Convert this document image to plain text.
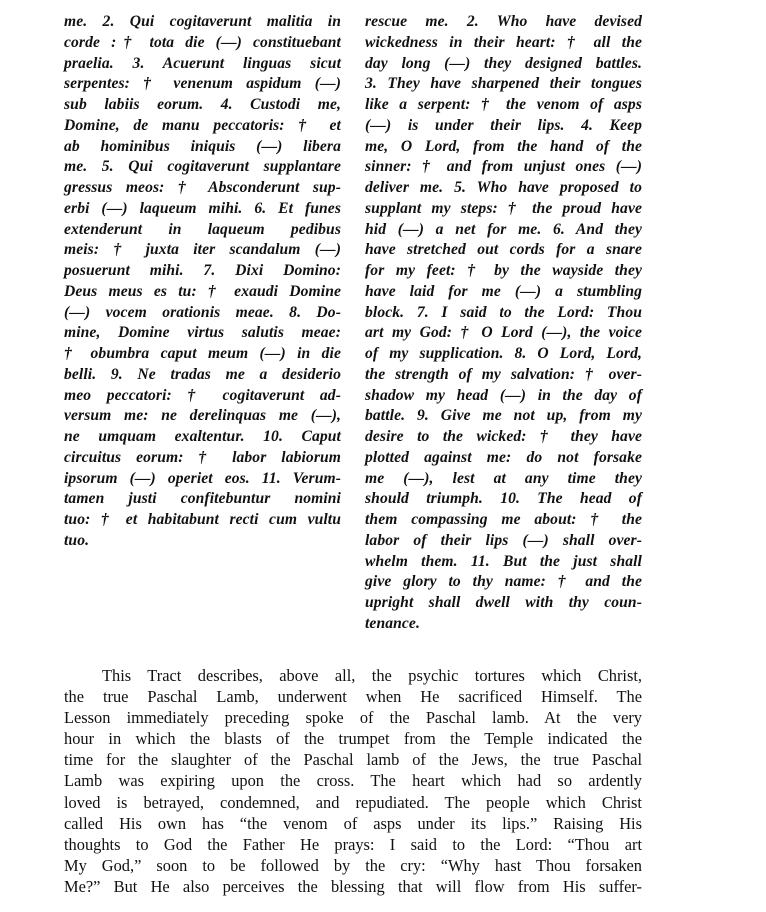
me. 2. Qui cogitaverunt malitia in
corde :† tota die (—) constituebant
praelia. 3. Acuerunt linguas sicut
serpentes: † venenum aspidum (—)
sub labiis eorum. 4. Custodi me,
Domine, de manu peccatoris: † et
ab hominibus iniquis (—) libera
me. 5. Qui cogitaverunt supplantare
gressus meos: † Absconderunt sup-
erbi (—) laqueum mihi. 6. Et funes
extenderunt in laqueum pedibus
meis: † juxta iter scandalum (—)
posuerunt mihi. 7. Dixi Domino:
Deus meus es tu: † exaudi Domine
(—) vocem orationis meae. 8. Do-
mine, Domine virtus salutis meae:
† obumbra caput meum (—) in die
belli. 9. Ne tradas me a desiderio
meo peccatori: † cogitaverunt ad-
versum me: ne derelinquas me (—),
ne umquam exaltentur. 10. Caput
circuitus eorum: † labor labiorum
ipsorum (—) operiet eos. 11. Verum-
tamen justi confitebuntur nomini
tuo: † et habitabunt recti cum vultu
tuo.
rescue me. 2. Who have devised
wickedness in their heart: † all the
day long (—) they designed battles.
3. They have sharpened their tongues
like a serpent: † the venom of asps
(—) is under their lips. 4. Keep
me, O Lord, from the hand of the
sinner: † and from unjust ones (—)
deliver me. 5. Who have proposed to
supplant my steps: † the proud have
hid (—) a net for me. 6. And they
have stretched out cords for a snare
for my feet: † by the wayside they
have laid for me (—) a stumbling
block. 7. I said to the Lord: Thou
art my God: † O Lord (—), the voice
of my supplication. 8. O Lord, Lord,
the strength of my salvation: † over-
shadow my head (—) in the day of
battle. 9. Give me not up, from my
desire to the wicked: † they have
plotted against me: do not forsake
me (—), lest at any time they
should triumph. 10. The head of
them compassing me about: † the
labor of their lips (—) shall over-
whelm them. 11. But the just shall
give glory to thy name: † and the
upright shall dwell with thy coun-
tenance.
This Tract describes, above all, the psychic tortures which Christ,
the true Paschal Lamb, underwent when He sacrificed Himself. The
Lesson immediately preceding spoke of the Paschal lamb. At the very
hour in which the blasts of the trumpet from the Temple indicated the
time for the slaughter of the Paschal lamb of the Jews, the true Paschal
Lamb was expiring upon the cross. The heart which had so ardently
loved is betrayed, condemned, and repudiated. The people which Christ
called His own has “the venom of asps under its lips.” Raising His
thoughts to God the Father He prays: I said to the Lord: “Thou art
My God,” soon to be followed by the cry: “Why hast Thou forsaken
Me?” But He also perceives the blessing that will flow from His suffer-
